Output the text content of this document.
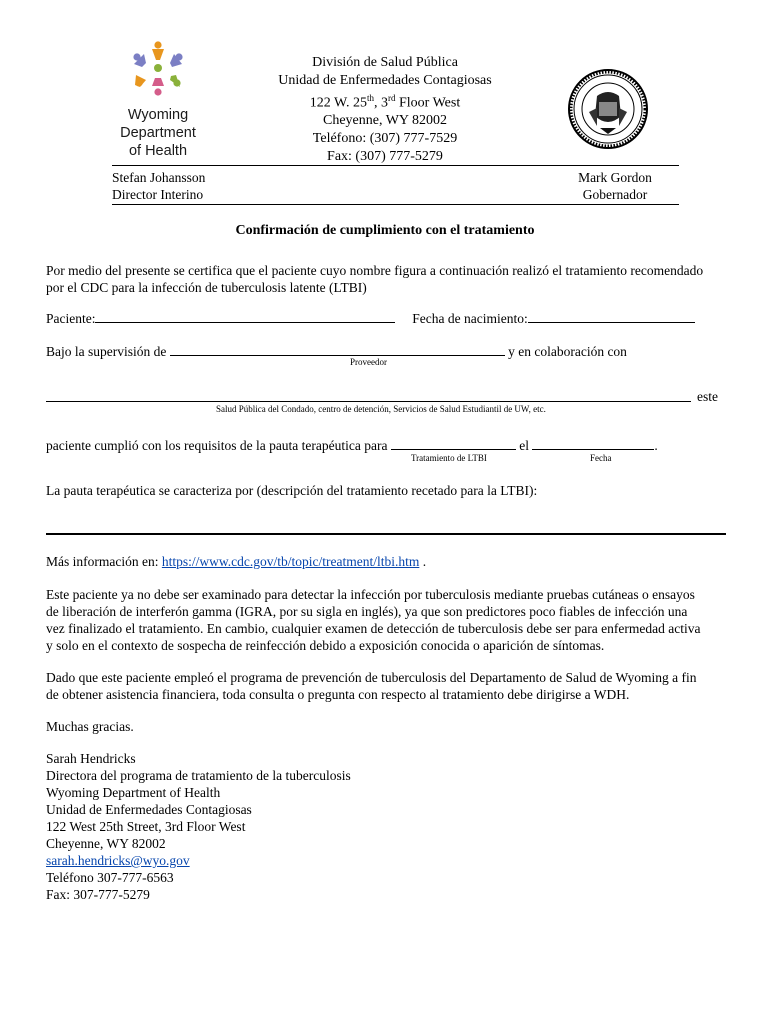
Wyoming
Department
of Health
División de Salud Pública
Unidad de Enfermedades Contagiosas
122 W. 25th, 3rd Floor West
Cheyenne, WY 82002
Teléfono: (307) 777-7529
Fax: (307) 777-5279
Stefan Johansson
Director Interino
Mark Gordon
Gobernador
Confirmación de cumplimiento con el tratamiento
Por medio del presente se certifica que el paciente cuyo nombre figura a continuación realizó el tratamiento recomendado
por el CDC para la infección de tuberculosis latente (LTBI)
Paciente:	Fecha de nacimiento:
Bajo la supervisión de	y en colaboración con
Proveedor
este
Salud Pública del Condado, centro de detención, Servicios de Salud Estudiantil de UW, etc.
paciente cumplió con los requisitos de la pauta terapéutica para	el	.
Tratamiento de LTBI	Fecha
La pauta terapéutica se caracteriza por (descripción del tratamiento recetado para la LTBI):
Más información en: https://www.cdc.gov/tb/topic/treatment/ltbi.htm .
Este paciente ya no debe ser examinado para detectar la infección por tuberculosis mediante pruebas cutáneas o ensayos
de liberación de interferón gamma (IGRA, por su sigla en inglés), ya que son predictores poco fiables de infección una
vez finalizado el tratamiento. En cambio, cualquier examen de detección de tuberculosis debe ser para enfermedad activa
y solo en el contexto de sospecha de reinfección debido a exposición conocida o aparición de síntomas.
Dado que este paciente empleó el programa de prevención de tuberculosis del Departamento de Salud de Wyoming a fin
de obtener asistencia financiera, toda consulta o pregunta con respecto al tratamiento debe dirigirse a WDH.
Muchas gracias.
Sarah Hendricks
Directora del programa de tratamiento de la tuberculosis
Wyoming Department of Health
Unidad de Enfermedades Contagiosas
122 West 25th Street, 3rd Floor West
Cheyenne, WY 82002
sarah.hendricks@wyo.gov
Teléfono 307-777-6563
Fax: 307-777-5279
